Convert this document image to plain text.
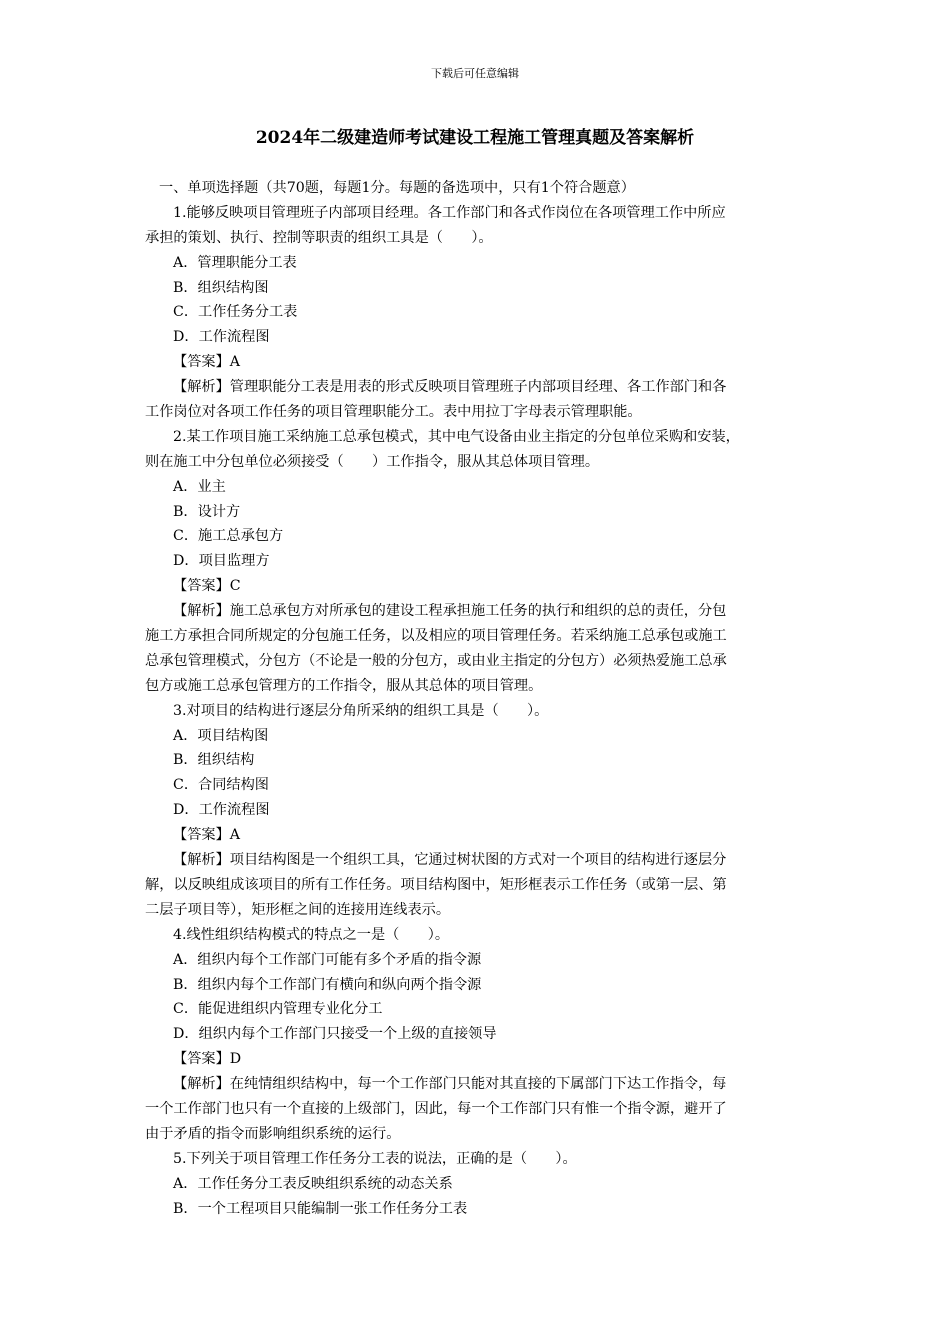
下载后可任意编辑
2024年二级建造师考试建设工程施工管理真题及答案解析
一、单项选择题（共70题，每题1分。每题的备选项中，只有1个符合题意）
1.能够反映项目管理班子内部项目经理。各工作部门和各式作岗位在各项管理工作中所应
承担的策划、执行、控制等职责的组织工具是（　　）。
A．管理职能分工表
B．组织结构图
C．工作任务分工表
D．工作流程图
【答案】A
【解析】管理职能分工表是用表的形式反映项目管理班子内部项目经理、各工作部门和各
工作岗位对各项工作任务的项目管理职能分工。表中用拉丁字母表示管理职能。
2.某工作项目施工采纳施工总承包模式，其中电气设备由业主指定的分包单位采购和安装，
则在施工中分包单位必须接受（　　）工作指令，服从其总体项目管理。
A．业主
B．设计方
C．施工总承包方
D．项目监理方
【答案】C
【解析】施工总承包方对所承包的建设工程承担施工任务的执行和组织的总的责任，分包
施工方承担合同所规定的分包施工任务，以及相应的项目管理任务。若采纳施工总承包或施工
总承包管理模式，分包方（不论是一般的分包方，或由业主指定的分包方）必须热爱施工总承
包方或施工总承包管理方的工作指令，服从其总体的项目管理。
3.对项目的结构进行逐层分角所采纳的组织工具是（　　）。
A．项目结构图
B．组织结构
C．合同结构图
D．工作流程图
【答案】A
【解析】项目结构图是一个组织工具，它通过树状图的方式对一个项目的结构进行逐层分
解，以反映组成该项目的所有工作任务。项目结构图中，矩形框表示工作任务（或第一层、第
二层子项目等），矩形框之间的连接用连线表示。
4.线性组织结构模式的特点之一是（　　）。
A．组织内每个工作部门可能有多个矛盾的指令源
B．组织内每个工作部门有横向和纵向两个指令源
C．能促进组织内管理专业化分工
D．组织内每个工作部门只接受一个上级的直接领导
【答案】D
【解析】在纯情组织结构中，每一个工作部门只能对其直接的下属部门下达工作指令，每
一个工作部门也只有一个直接的上级部门，因此，每一个工作部门只有惟一个指令源，避开了
由于矛盾的指令而影响组织系统的运行。
5.下列关于项目管理工作任务分工表的说法，正确的是（　　）。
A．工作任务分工表反映组织系统的动态关系
B．一个工程项目只能编制一张工作任务分工表
